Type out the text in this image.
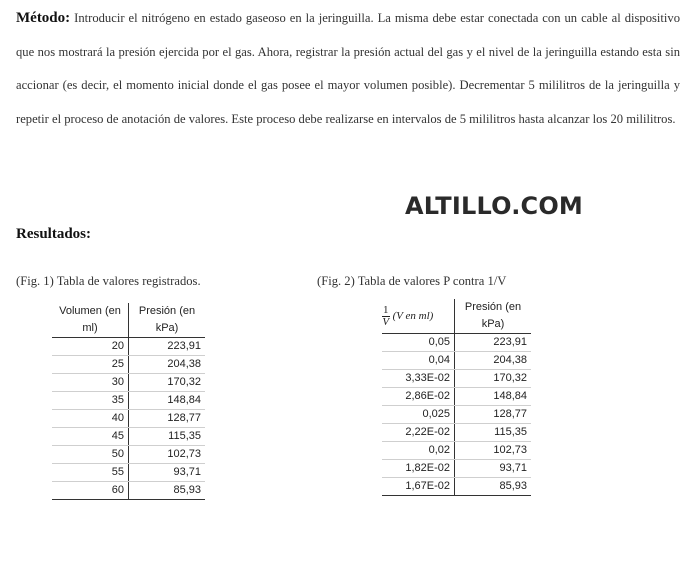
Método: Introducir el nitrógeno en estado gaseoso en la jeringuilla. La misma debe estar conectada con un cable al dispositivo que nos mostrará la presión ejercida por el gas. Ahora, registrar la presión actual del gas y el nivel de la jeringuilla estando esta sin accionar (es decir, el momento inicial donde el gas posee el mayor volumen posible). Decrementar 5 mililitros de la jeringuilla y repetir el proceso de anotación de valores. Este proceso debe realizarse en intervalos de 5 mililitros hasta alcanzar los 20 mililitros.
ALTILLO.COM
Resultados:
(Fig. 1) Tabla de valores registrados.	(Fig. 2) Tabla de valores P contra 1/V
Volumen (en ml)	Presión (en kPa)
20	223,91
25	204,38
30	170,32
35	148,84
40	128,77
45	115,35
50	102,73
55	93,71
60	85,93
$\frac{1}{V} (V$ en ml)	Presión (en kPa)
0,05	223,91
0,04	204,38
3,33E-02	170,32
2,86E-02	148,84
0,025	128,77
2,22E-02	115,35
0,02	102,73
1,82E-02	93,71
1,67E-02	85,93
